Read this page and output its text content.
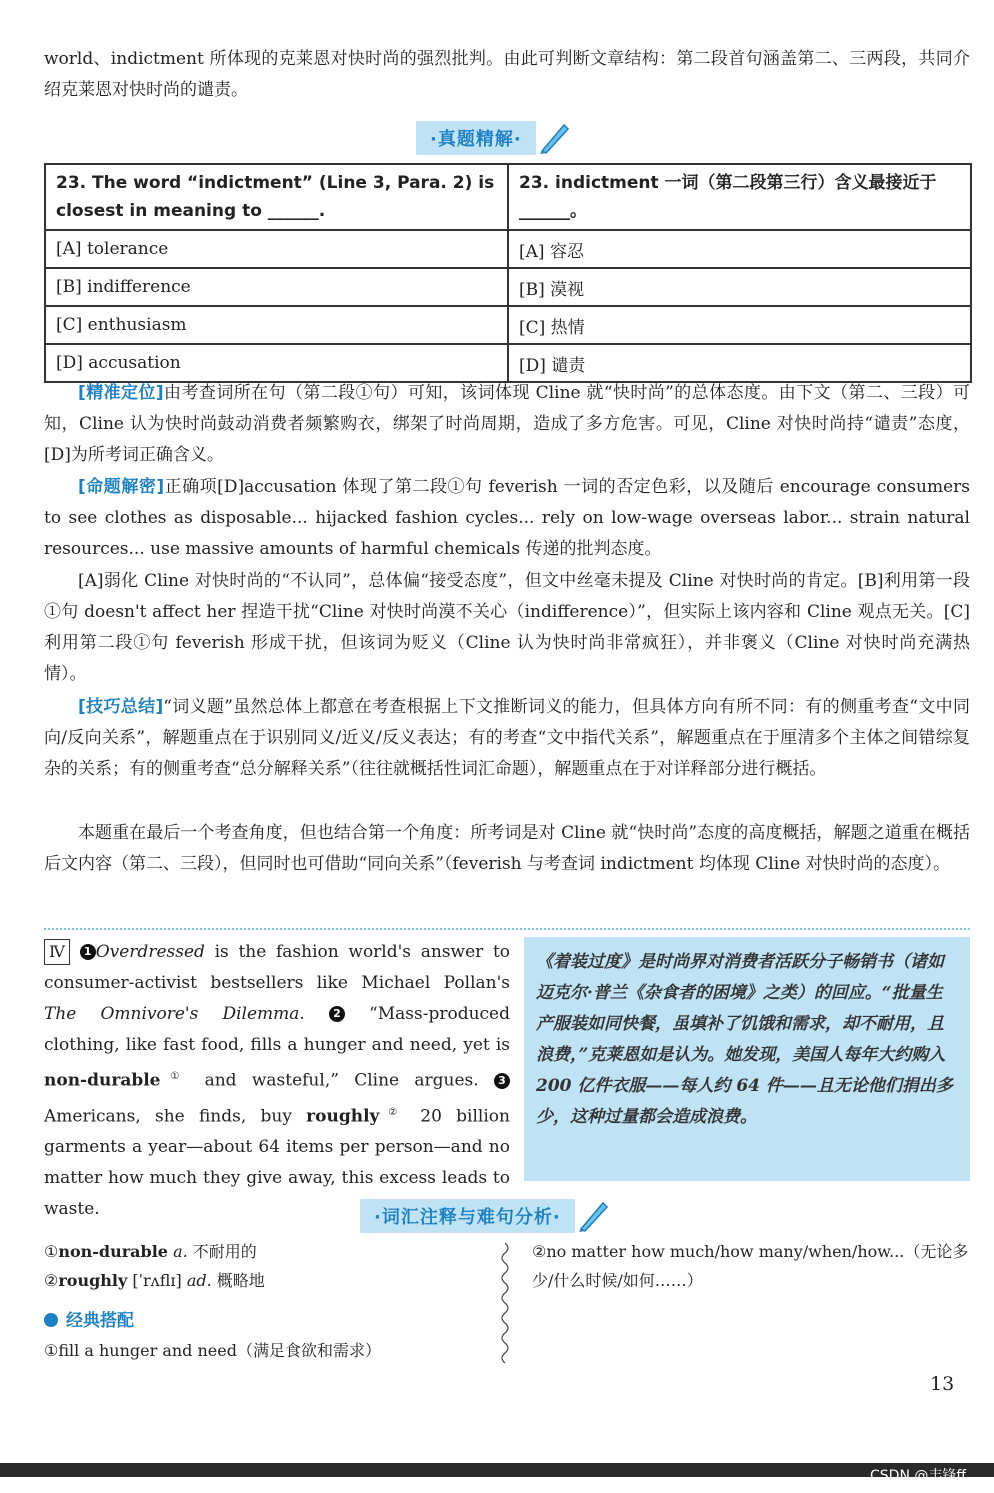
world、indictment 所体现的克莱恩对快时尚的强烈批判。由此可判断文章结构：第二段首句涵盖第二、三两段，共同介绍克莱恩对快时尚的谴责。

·真题精解·
23. The word “indictment” (Line 3, Para. 2) is closest in meaning to ______.	23. indictment 一词（第二段第三行）含义最接近于______。
[A] tolerance	[A] 容忍
[B] indifference	[B] 漠视
[C] enthusiasm	[C] 热情
[D] accusation	[D] 谴责

[精准定位]由考查词所在句（第二段①句）可知，该词体现 Cline 就“快时尚”的总体态度。由下文（第二、三段）可知，Cline 认为快时尚鼓动消费者频繁购衣，绑架了时尚周期，造成了多方危害。可见，Cline 对快时尚持“谴责”态度，[D]为所考词正确含义。

[命题解密]正确项[D]accusation 体现了第二段①句 feverish 一词的否定色彩，以及随后 encourage consumers to see clothes as disposable... hijacked fashion cycles... rely on low-wage overseas labor... strain natural resources... use massive amounts of harmful chemicals 传递的批判态度。

[A]弱化 Cline 对快时尚的“不认同”，总体偏“接受态度”，但文中丝毫未提及 Cline 对快时尚的肯定。[B]利用第一段①句 doesn't affect her 捏造干扰“Cline 对快时尚漠不关心（indifference）”，但实际上该内容和 Cline 观点无关。[C]利用第二段①句 feverish 形成干扰，但该词为贬义（Cline 认为快时尚非常疯狂），并非褒义（Cline 对快时尚充满热情）。

[技巧总结]“词义题”虽然总体上都意在考查根据上下文推断词义的能力，但具体方向有所不同：有的侧重考查“文中同向/反向关系”，解题重点在于识别同义/近义/反义表达；有的考查“文中指代关系”，解题重点在于厘清多个主体之间错综复杂的关系；有的侧重考查“总分解释关系”（往往就概括性词汇命题），解题重点在于对详释部分进行概括。

本题重在最后一个考查角度，但也结合第一个角度：所考词是对 Cline 就“快时尚”态度的高度概括，解题之道重在概括后文内容（第二、三段），但同时也可借助“同向关系”（feverish 与考查词 indictment 均体现 Cline 对快时尚的态度）。

Ⅳ 1 Overdressed is the fashion world's answer to consumer-activist bestsellers like Michael Pollan's The Omnivore's Dilemma.	2 “Mass-produced clothing, like fast food, fills a hunger and need, yet is non-durable① and wasteful,” Cline argues. 3 Americans, she finds, buy roughly② 20 billion garments a year—about 64 items per person—and no matter how much they give away, this excess leads to waste.

《着装过度》是时尚界对消费者活跃分子畅销书（诸如迈克尔·普兰《杂食者的困境》之类）的回应。“批量生产服装如同快餐，虽填补了饥饿和需求，却不耐用，且浪费，”克莱恩如是认为。她发现，美国人每年大约购入 200 亿件衣服——每人约 64 件——且无论他们捐出多少，这种过量都会造成浪费。

·词汇注释与难句分析·
①non-durable a. 不耐用的
②roughly [ˈrʌflɪ] ad. 概略地
经典搭配
①fill a hunger and need（满足食欲和需求）
②no matter how much/how many/when/how...（无论多少/什么时候/如何……）
13
CSDN @丰锋ff
